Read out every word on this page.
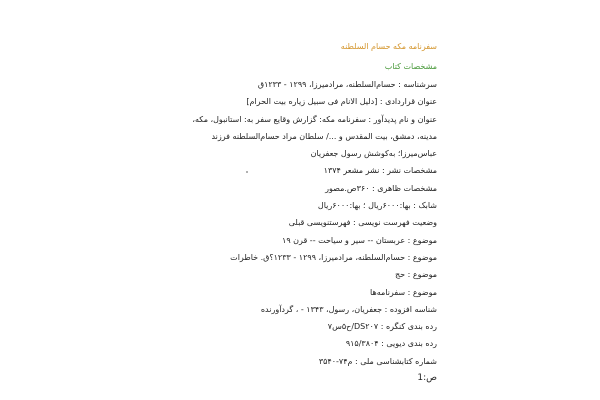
سفرنامه مکه حسام السلطنه
مشخصات کتاب
سرشناسه : حسام‌السلطنه، مرادمیرزا، ۱۲۹۹ - ۱۲۳۳ق
عنوان قراردادی : [دلیل الانام فی سبیل زیاره بیت الحرام]
عنوان و نام پدیدآور : سفرنامه مکه: گزارش وقایع سفر به: استانبول، مکه،
مدینه، دمشق، بیت المقدس و .../ سلطان مراد حسام‌السلطنه فرزند
عباس‌میرزا؛ به‌کوشش رسول جعفریان
مشخصات نشر : نشر مشعر ۱۳۷۴
مشخصات ظاهری : ۳۶۰ص.مصور
شابک : بها:۶۰۰۰ریال ؛ بها:۶۰۰۰ریال
وضعیت فهرست نویسی : فهرستنویسی قبلی
موضوع : عربستان -- سیر و سیاحت -- قرن ۱۹
موضوع : حسام‌السلطنه، مرادمیرزا، ۱۲۹۹ - ۱۲۳۳؟ق. خاطرات
موضوع : حج
موضوع : سفرنامه‌ها
شناسه افزوده : جعفریان، رسول، ۱۳۴۳ - ، گردآورنده
رده بندی کنگره : DS۲۰۷/ح۵س۷
رده بندی دیویی : ۹۱۵/۳۸۰۴
شماره کتابشناسی ملی : م۷۴-۳۵۴۰
ص:1
